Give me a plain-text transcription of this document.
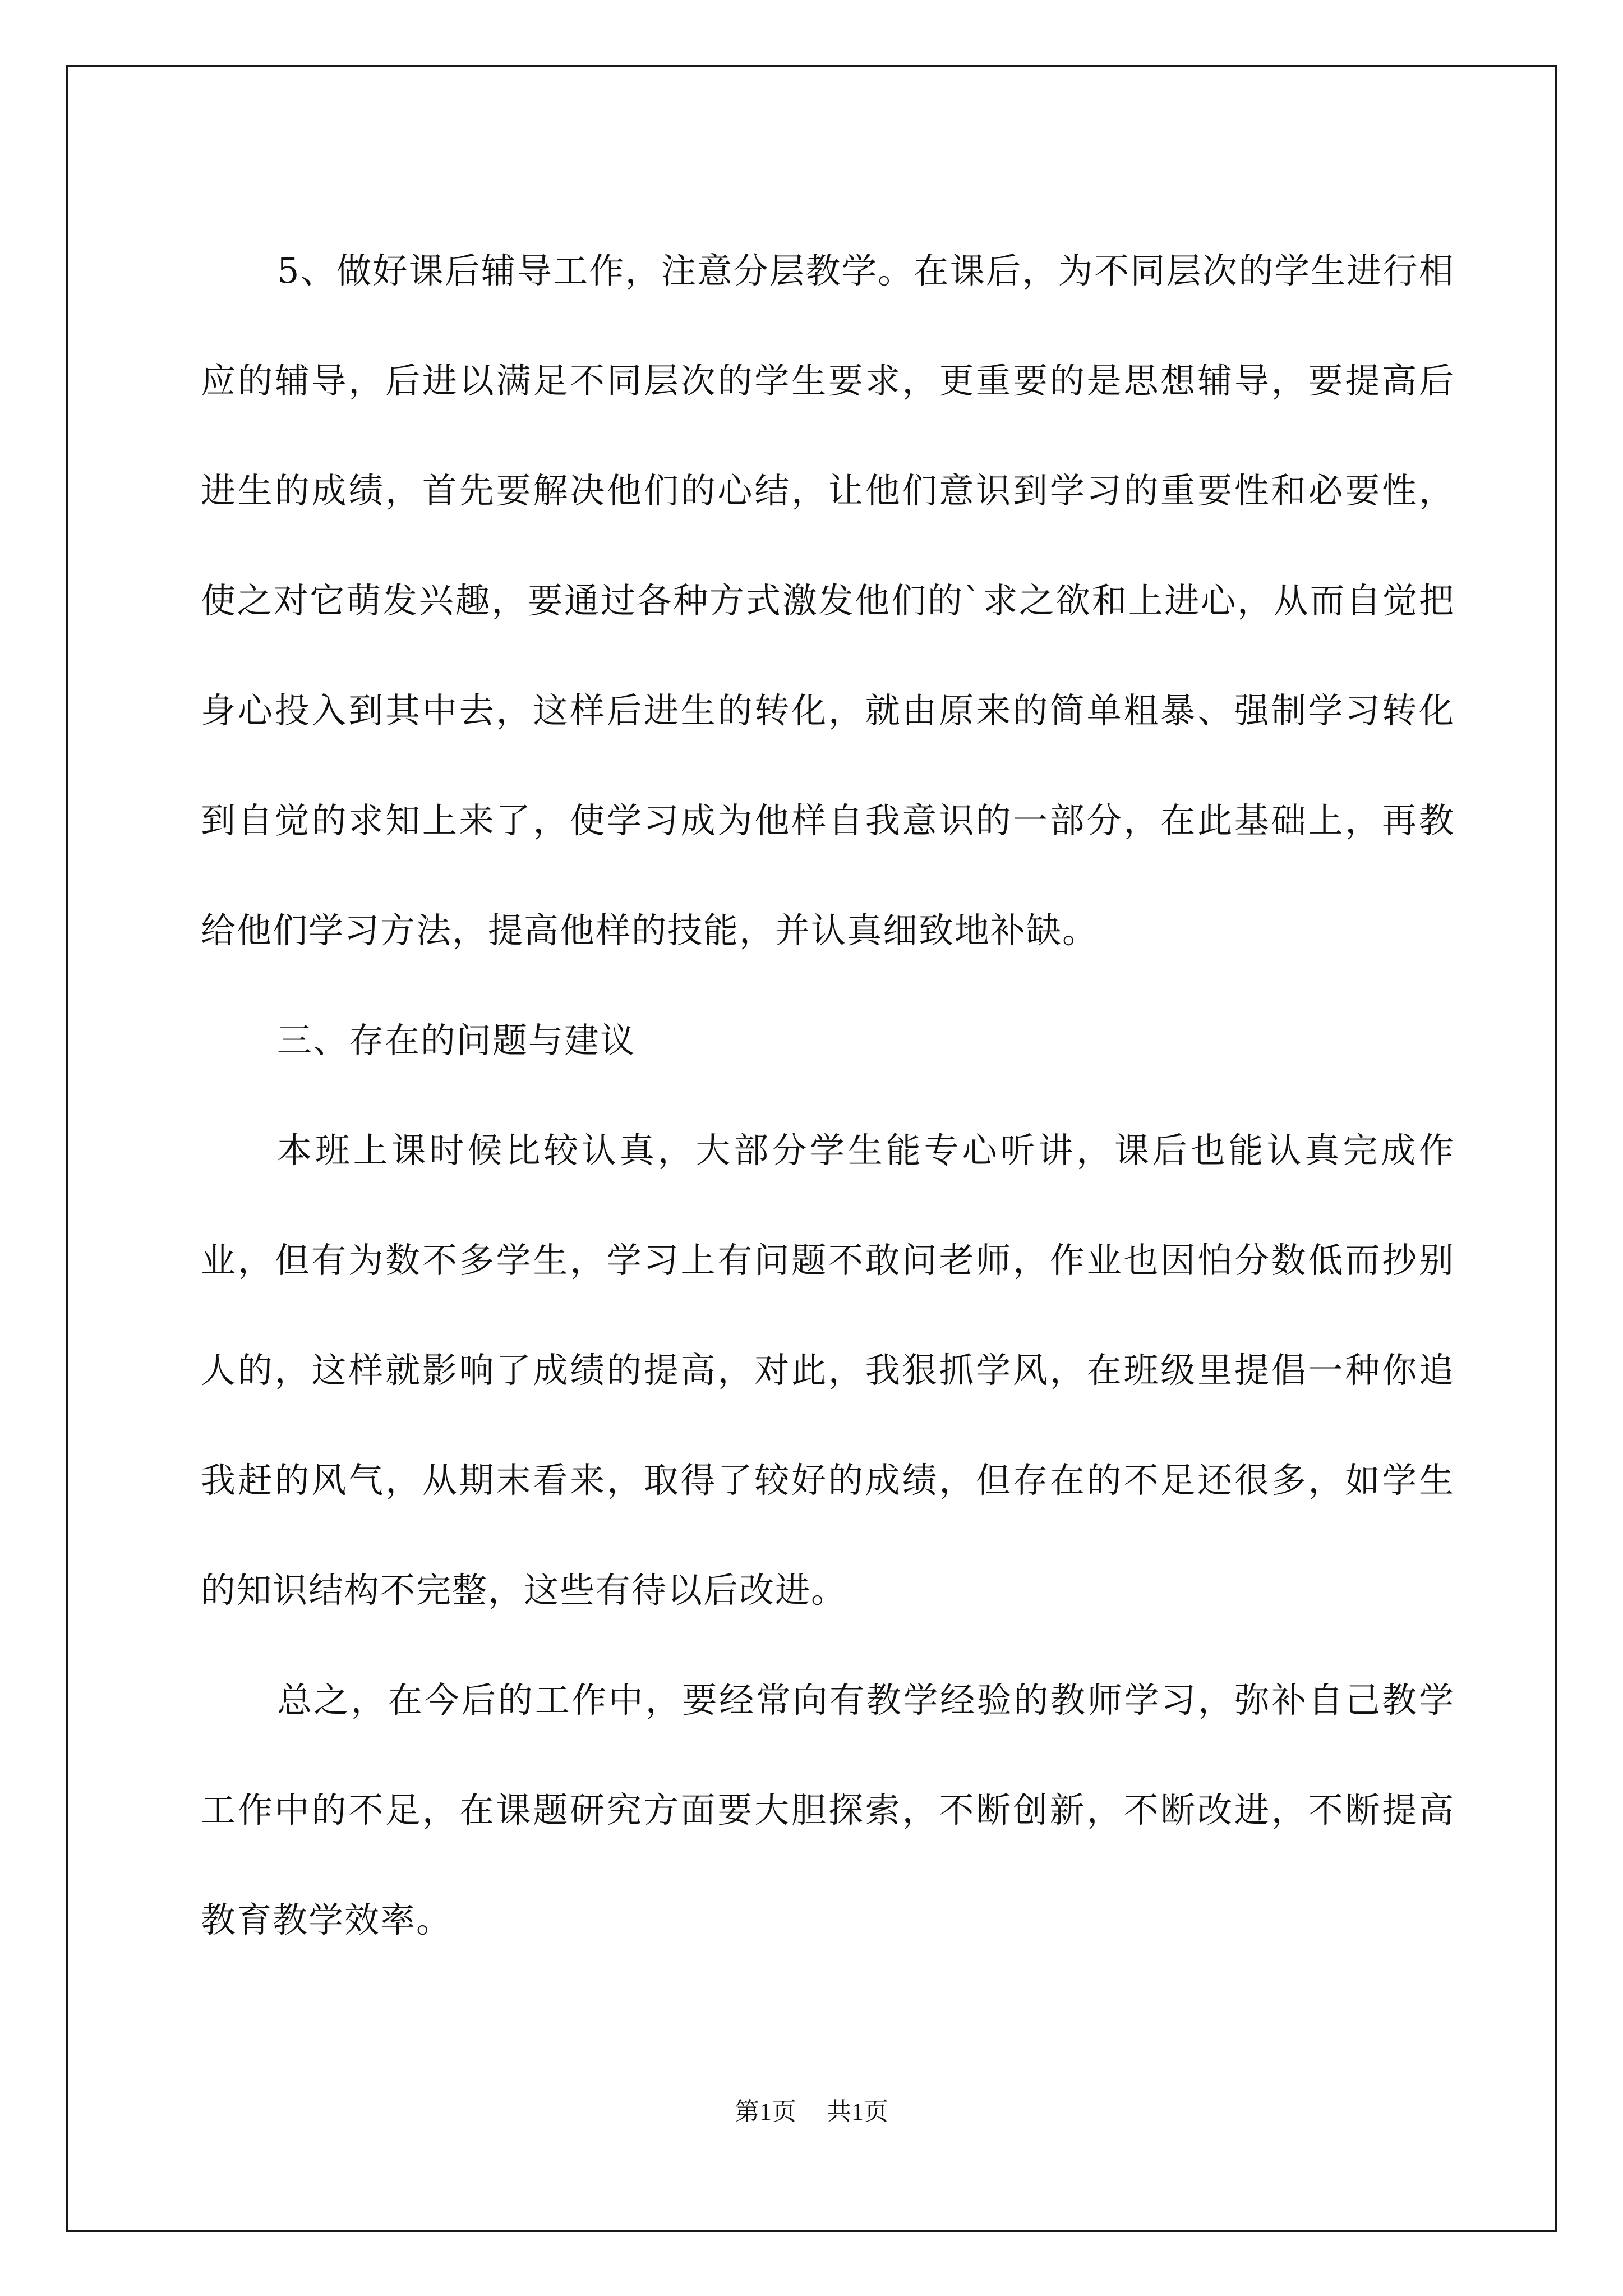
5、做好课后辅导工作，注意分层教学。在课后，为不同层次的学生进行相应的辅导，后进以满足不同层次的学生要求，更重要的是思想辅导，要提高后进生的成绩，首先要解决他们的心结，让他们意识到学习的重要性和必要性，使之对它萌发兴趣，要通过各种方式激发他们的`求之欲和上进心，从而自觉把身心投入到其中去，这样后进生的转化，就由原来的简单粗暴、强制学习转化到自觉的求知上来了，使学习成为他样自我意识的一部分，在此基础上，再教给他们学习方法，提高他样的技能，并认真细致地补缺。

三、存在的问题与建议

本班上课时候比较认真，大部分学生能专心听讲，课后也能认真完成作业，但有为数不多学生，学习上有问题不敢问老师，作业也因怕分数低而抄别人的，这样就影响了成绩的提高，对此，我狠抓学风，在班级里提倡一种你追我赶的风气，从期末看来，取得了较好的成绩，但存在的不足还很多，如学生的知识结构不完整，这些有待以后改进。

总之，在今后的工作中，要经常向有教学经验的教师学习，弥补自己教学工作中的不足，在课题研究方面要大胆探索，不断创新，不断改进，不断提高教育教学效率。

第1页 共1页
